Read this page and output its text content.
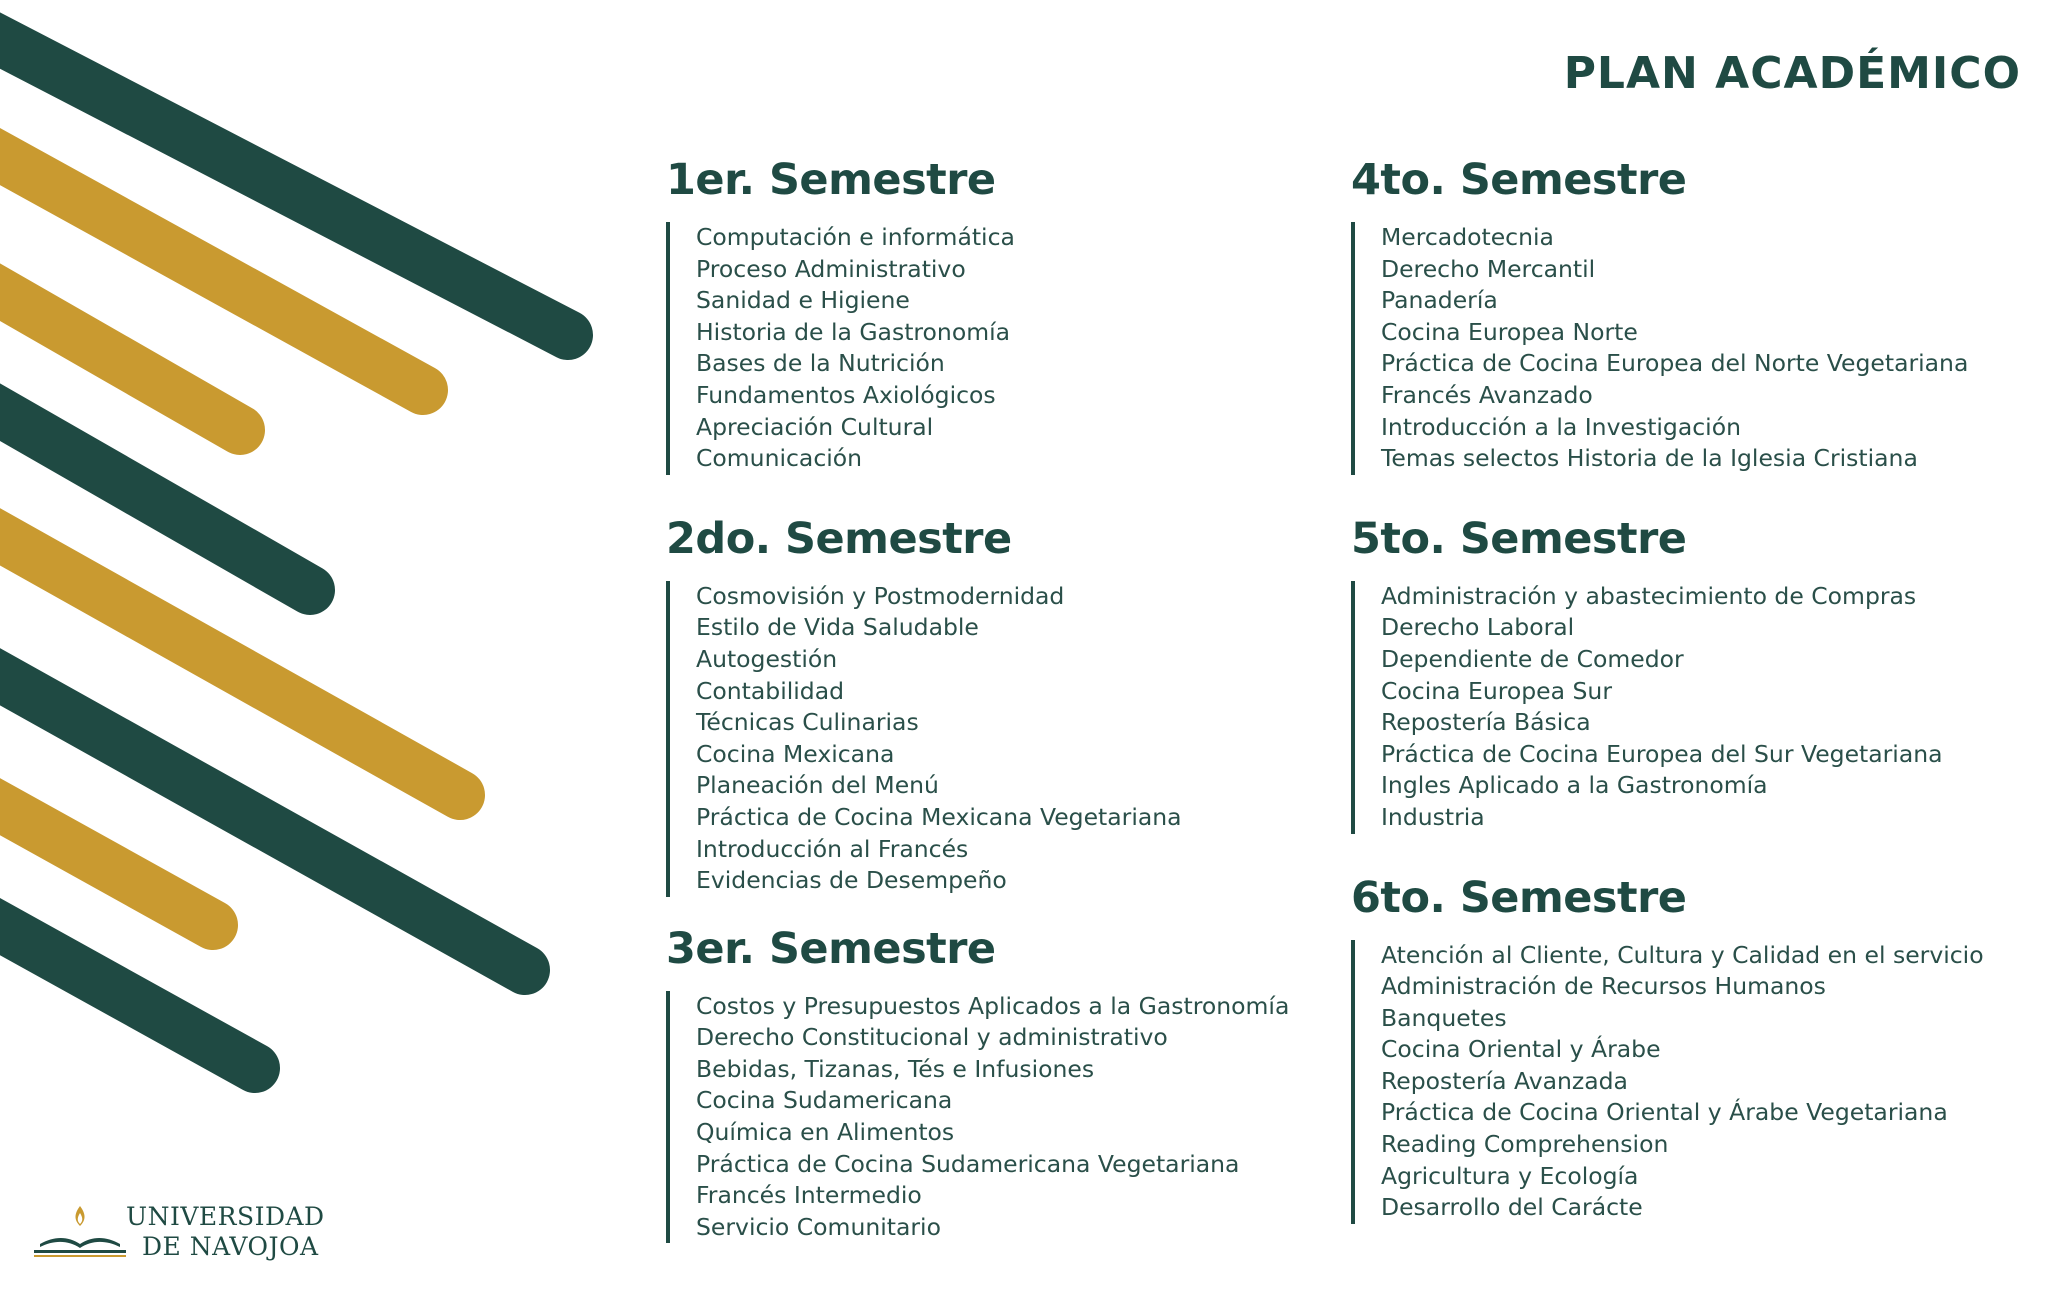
PLAN ACADÉMICO
1er. Semestre
Computación e informática
Proceso Administrativo
Sanidad e Higiene
Historia de la Gastronomía
Bases de la Nutrición
Fundamentos Axiológicos
Apreciación Cultural
Comunicación
2do. Semestre
Cosmovisión y Postmodernidad
Estilo de Vida Saludable
Autogestión
Contabilidad
Técnicas Culinarias
Cocina Mexicana
Planeación del Menú
Práctica de Cocina Mexicana Vegetariana
Introducción al Francés
Evidencias de Desempeño
3er. Semestre
Costos y Presupuestos Aplicados a la Gastronomía
Derecho Constitucional y administrativo
Bebidas, Tizanas, Tés e Infusiones
Cocina Sudamericana
Química en Alimentos
Práctica de Cocina Sudamericana Vegetariana
Francés Intermedio
Servicio Comunitario
4to. Semestre
Mercadotecnia
Derecho Mercantil
Panadería
Cocina Europea Norte
Práctica de Cocina Europea del Norte Vegetariana
Francés Avanzado
Introducción a la Investigación
Temas selectos Historia de la Iglesia Cristiana
5to. Semestre
Administración y abastecimiento de Compras
Derecho Laboral
Dependiente de Comedor
Cocina Europea Sur
Repostería Básica
Práctica de Cocina Europea del Sur Vegetariana
Ingles Aplicado a la Gastronomía
Industria
6to. Semestre
Atención al Cliente, Cultura y Calidad en el servicio
Administración de Recursos Humanos
Banquetes
Cocina Oriental y Árabe
Repostería Avanzada
Práctica de Cocina Oriental y Árabe Vegetariana
Reading Comprehension
Agricultura y Ecología
Desarrollo del Caráctе
UNIVERSIDAD
DE NAVOJOA
